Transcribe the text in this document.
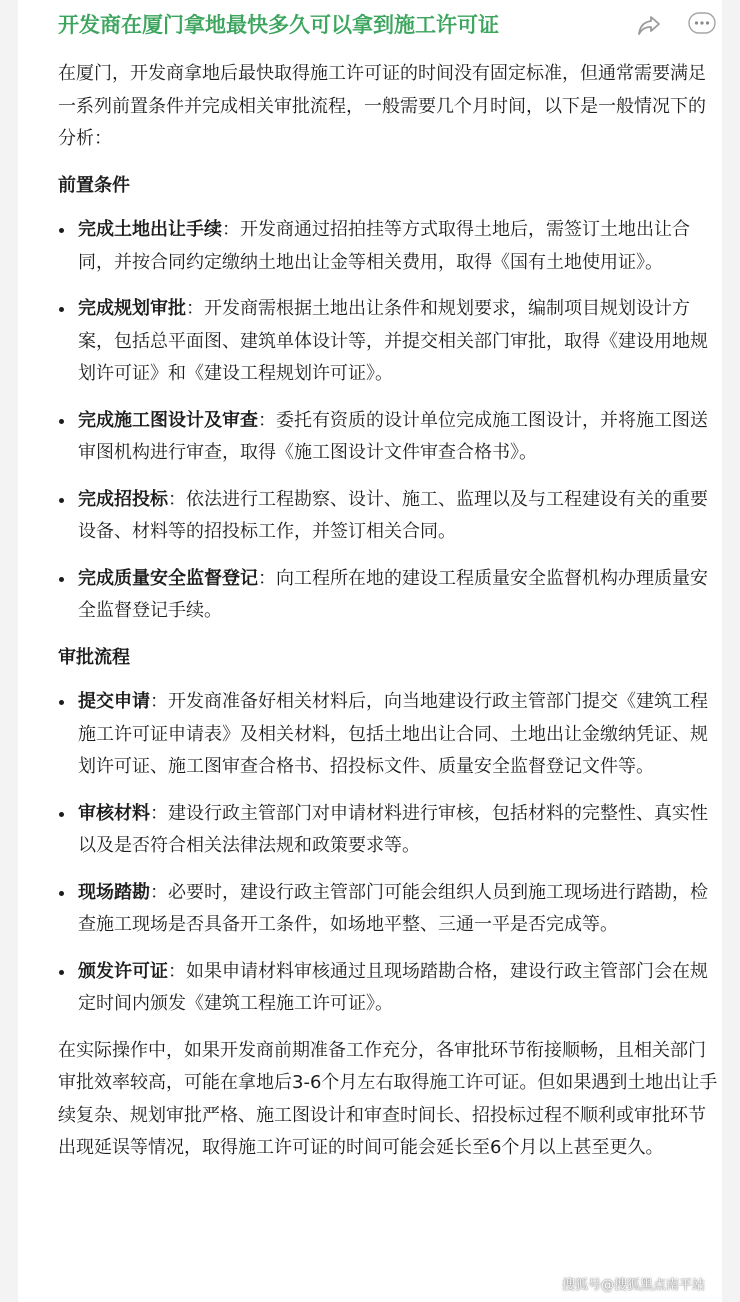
开发商在厦门拿地最快多久可以拿到施工许可证

在厦门，开发商拿地后最快取得施工许可证的时间没有固定标准，但通常需要满足一系列前置条件并完成相关审批流程，一般需要几个月时间，以下是一般情况下的分析：

前置条件
完成土地出让手续：开发商通过招拍挂等方式取得土地后，需签订土地出让合同，并按合同约定缴纳土地出让金等相关费用，取得《国有土地使用证》。
完成规划审批：开发商需根据土地出让条件和规划要求，编制项目规划设计方案，包括总平面图、建筑单体设计等，并提交相关部门审批，取得《建设用地规划许可证》和《建设工程规划许可证》。
完成施工图设计及审查：委托有资质的设计单位完成施工图设计，并将施工图送审图机构进行审查，取得《施工图设计文件审查合格书》。
完成招投标：依法进行工程勘察、设计、施工、监理以及与工程建设有关的重要设备、材料等的招投标工作，并签订相关合同。
完成质量安全监督登记：向工程所在地的建设工程质量安全监督机构办理质量安全监督登记手续。
审批流程
提交申请：开发商准备好相关材料后，向当地建设行政主管部门提交《建筑工程施工许可证申请表》及相关材料，包括土地出让合同、土地出让金缴纳凭证、规划许可证、施工图审查合格书、招投标文件、质量安全监督登记文件等。
审核材料：建设行政主管部门对申请材料进行审核，包括材料的完整性、真实性以及是否符合相关法律法规和政策要求等。
现场踏勘：必要时，建设行政主管部门可能会组织人员到施工现场进行踏勘，检查施工现场是否具备开工条件，如场地平整、三通一平是否完成等。
颁发许可证：如果申请材料审核通过且现场踏勘合格，建设行政主管部门会在规定时间内颁发《建筑工程施工许可证》。

在实际操作中，如果开发商前期准备工作充分，各审批环节衔接顺畅，且相关部门审批效率较高，可能在拿地后3-6个月左右取得施工许可证。但如果遇到土地出让手续复杂、规划审批严格、施工图设计和审查时间长、招投标过程不顺利或审批环节出现延误等情况，取得施工许可证的时间可能会延长至6个月以上甚至更久。

搜狐号@搜狐黑点南平站
